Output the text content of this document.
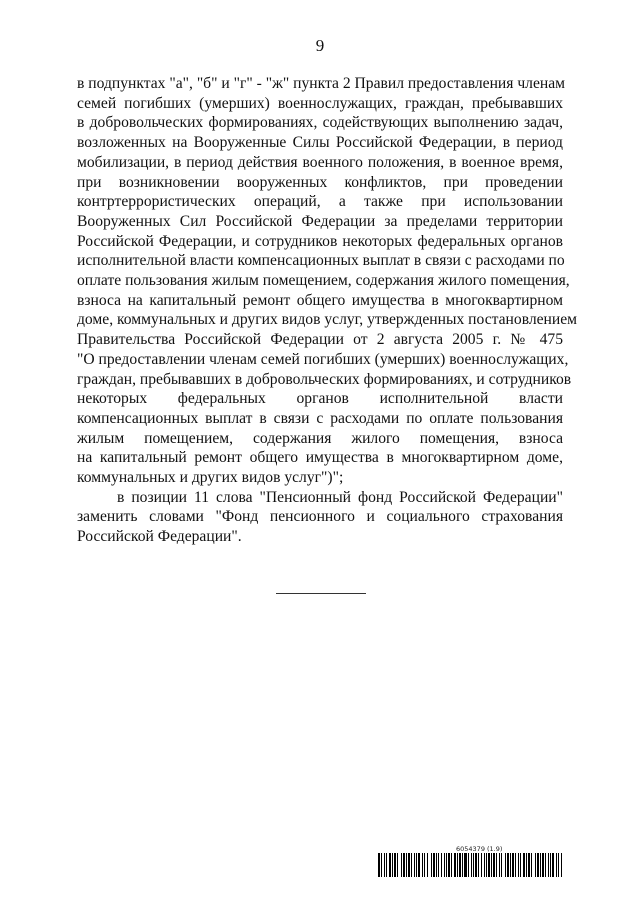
9

в подпунктах "а", "б" и "г" - "ж" пункта 2 Правил предоставления членам
семей погибших (умерших) военнослужащих, граждан, пребывавших
в добровольческих формированиях, содействующих выполнению задач,
возложенных на Вооруженные Силы Российской Федерации, в период
мобилизации, в период действия военного положения, в военное время,
при возникновении вооруженных конфликтов, при проведении
контртеррористических операций, а также при использовании
Вооруженных Сил Российской Федерации за пределами территории
Российской Федерации, и сотрудников некоторых федеральных органов
исполнительной власти компенсационных выплат в связи с расходами по
оплате пользования жилым помещением, содержания жилого помещения,
взноса на капитальный ремонт общего имущества в многоквартирном
доме, коммунальных и других видов услуг, утвержденных постановлением
Правительства Российской Федерации от 2 августа 2005 г. № 475
"О предоставлении членам семей погибших (умерших) военнослужащих,
граждан, пребывавших в добровольческих формированиях, и сотрудников
некоторых федеральных органов исполнительной власти
компенсационных выплат в связи с расходами по оплате пользования
жилым помещением, содержания жилого помещения, взноса
на капитальный ремонт общего имущества в многоквартирном доме,
коммунальных и других видов услуг")";

в позиции 11 слова "Пенсионный фонд Российской Федерации"
заменить словами "Фонд пенсионного и социального страхования
Российской Федерации".

6054379 (1.9)
